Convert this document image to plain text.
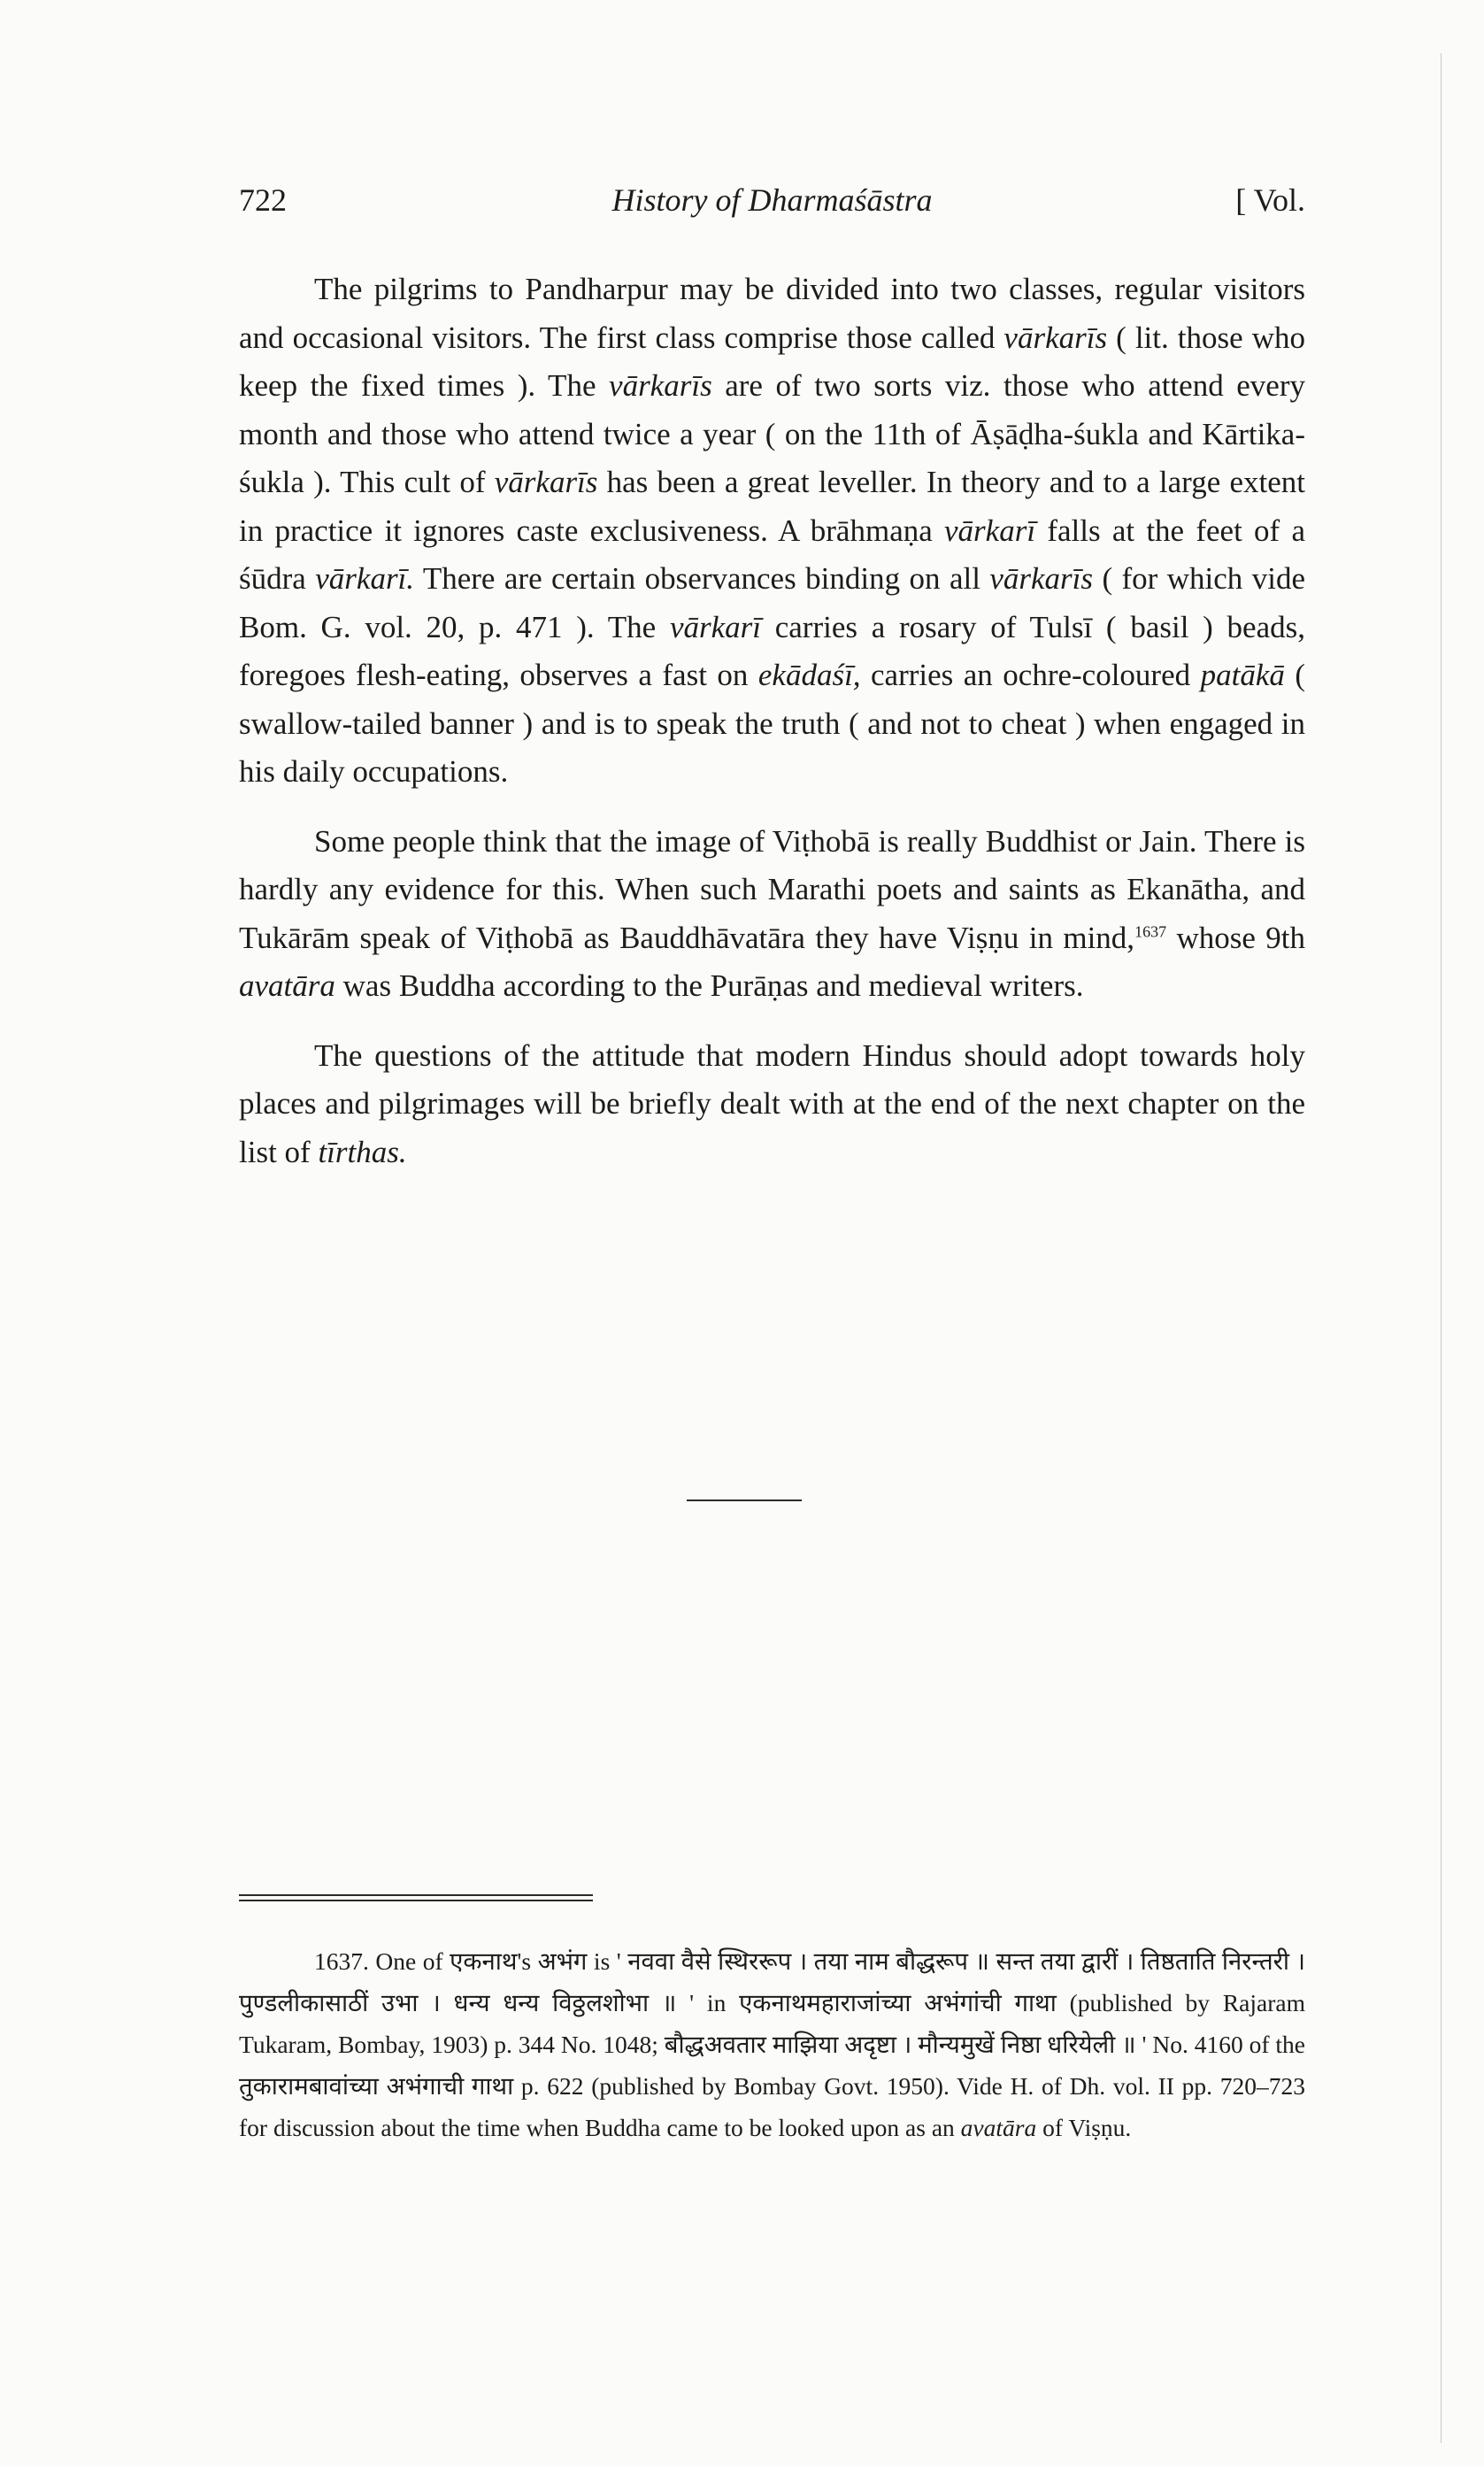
722	History of Dharmaśāstra	[ Vol.

The pilgrims to Pandharpur may be divided into two classes, regular visitors and occasional visitors. The first class comprise those called vārkarīs ( lit. those who keep the fixed times ). The vārkarīs are of two sorts viz. those who attend every month and those who attend twice a year ( on the 11th of Āṣāḍha-śukla and Kārtika-śukla ). This cult of vārkarīs has been a great leveller. In theory and to a large extent in practice it ignores caste exclusiveness. A brāhmaṇa vārkarī falls at the feet of a śūdra vārkarī. There are certain observances binding on all vārkarīs ( for which vide Bom. G. vol. 20, p. 471 ). The vārkarī carries a rosary of Tulsī ( basil ) beads, foregoes flesh-eating, observes a fast on ekādaśī, carries an ochre-coloured patākā ( swallow-tailed banner ) and is to speak the truth ( and not to cheat ) when engaged in his daily occupations.

Some people think that the image of Viṭhobā is really Buddhist or Jain. There is hardly any evidence for this. When such Marathi poets and saints as Ekanātha, and Tukārām speak of Viṭhobā as Bauddhāvatāra they have Viṣṇu in mind,$^{1637}$ whose 9th avatāra was Buddha according to the Purāṇas and medieval writers.

The questions of the attitude that modern Hindus should adopt towards holy places and pilgrimages will be briefly dealt with at the end of the next chapter on the list of tīrthas.

1637. One of एकनाथ's अभंग is ' नववा वैसे स्थिररूप । तया नाम बौद्धरूप ॥ सन्त तया द्वारीं । तिष्ठताति निरन्तरी । पुण्डलीकासाठीं उभा । धन्य धन्य विठ्ठलशोभा ॥ ' in एकनाथमहाराजांच्या अभंगांची गाथा (published by Rajaram Tukaram, Bombay, 1903) p. 344 No. 1048; बौद्धअवतार माझिया अदृष्टा । मौन्यमुखें निष्ठा धरियेली ॥ ' No. 4160 of the तुकारामबावांच्या अभंगाची गाथा p. 622 (published by Bombay Govt. 1950). Vide H. of Dh. vol. II pp. 720–723 for discussion about the time when Buddha came to be looked upon as an avatāra of Viṣṇu.
